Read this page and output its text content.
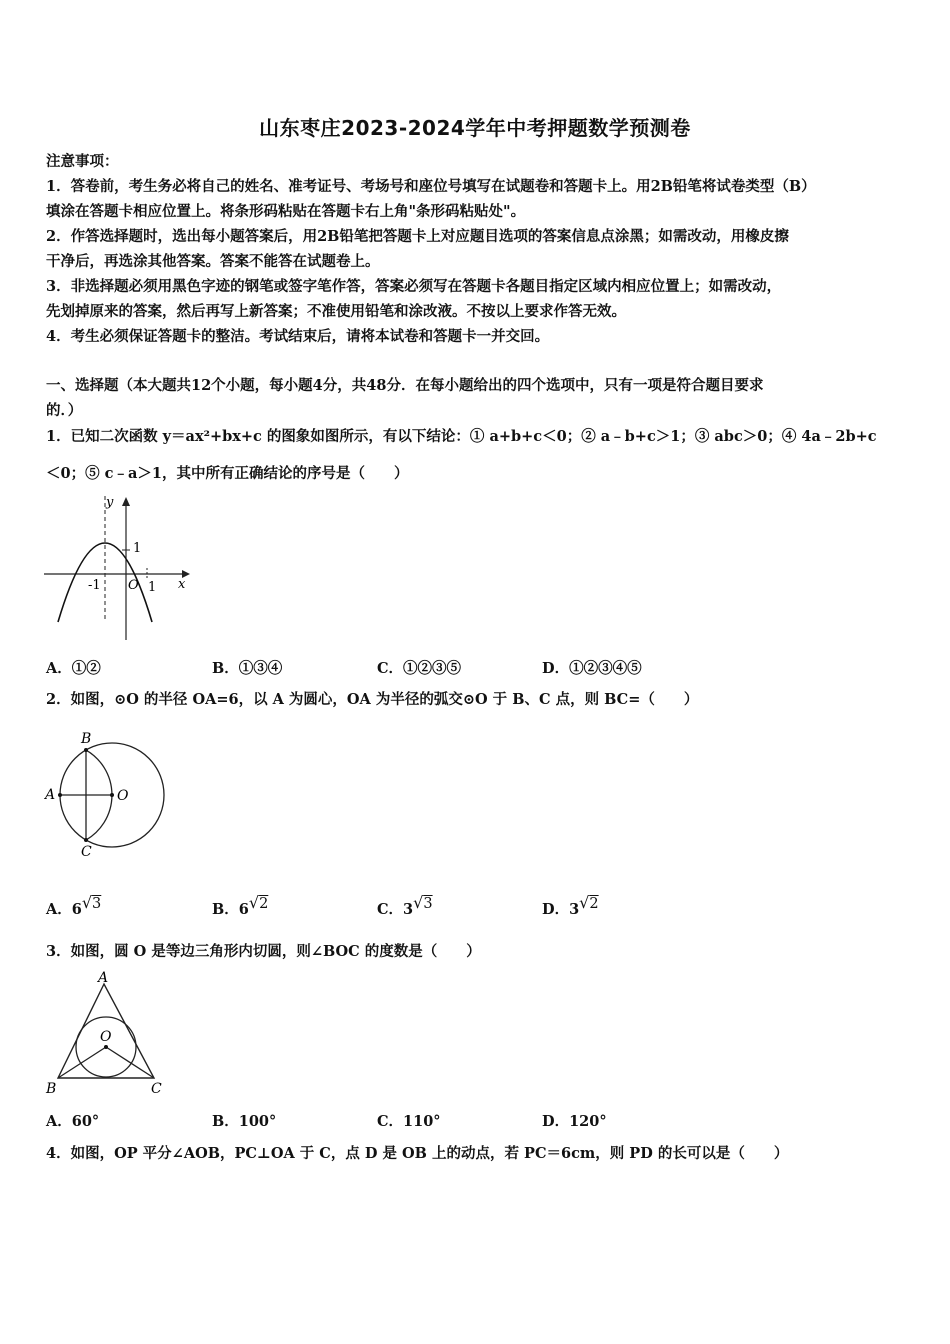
山东枣庄2023-2024学年中考押题数学预测卷
注意事项：
1．答卷前，考生务必将自己的姓名、准考证号、考场号和座位号填写在试题卷和答题卡上。用2B铅笔将试卷类型（B）
填涂在答题卡相应位置上。将条形码粘贴在答题卡右上角"条形码粘贴处"。
2．作答选择题时，选出每小题答案后，用2B铅笔把答题卡上对应题目选项的答案信息点涂黑；如需改动，用橡皮擦
干净后，再选涂其他答案。答案不能答在试题卷上。
3．非选择题必须用黑色字迹的钢笔或签字笔作答，答案必须写在答题卡各题目指定区域内相应位置上；如需改动，
先划掉原来的答案，然后再写上新答案；不准使用铅笔和涂改液。不按以上要求作答无效。
4．考生必须保证答题卡的整洁。考试结束后，请将本试卷和答题卡一并交回。
一、选择题（本大题共12个小题，每小题4分，共48分．在每小题给出的四个选项中，只有一项是符合题目要求
的．）
1．已知二次函数 y＝ax²+bx+c 的图象如图所示，有以下结论：① a+b+c＜0；② a﹣b+c＞1；③ abc＞0；④ 4a﹣2b+c
＜0；⑤ c﹣a＞1，其中所有正确结论的序号是（　　）
y
x
1
-1 O 1
A．①②	B．①③④	C．①②③⑤	D．①②③④⑤
2．如图，⊙O 的半径 OA=6，以 A 为圆心，OA 为半径的弧交⊙O 于 B、C 点，则 BC=（　　）
A
B
C
O
A．6√3	B．6√2	C．3√3	D．3√2
3．如图，圆 O 是等边三角形内切圆，则∠BOC 的度数是（　　）
A
B	C
O
A．60°	B．100°	C．110°	D．120°
4．如图，OP 平分∠AOB，PC⊥OA 于 C，点 D 是 OB 上的动点，若 PC＝6cm，则 PD 的长可以是（　　）
